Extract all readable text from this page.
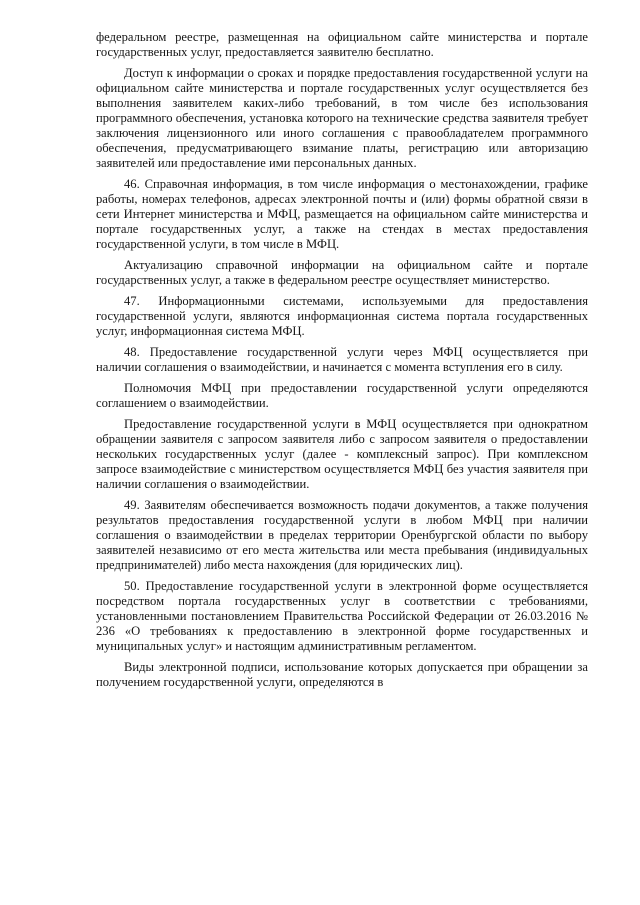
федеральном реестре, размещенная на официальном сайте министерства и портале государственных услуг, предоставляется заявителю бесплатно.

Доступ к информации о сроках и порядке предоставления государственной услуги на официальном сайте министерства и портале государственных услуг осуществляется без выполнения заявителем каких-либо требований, в том числе без использования программного обеспечения, установка которого на технические средства заявителя требует заключения лицензионного или иного соглашения с правообладателем программного обеспечения, предусматривающего взимание платы, регистрацию или авторизацию заявителей или предоставление ими персональных данных.

46. Справочная информация, в том числе информация о местонахождении, графике работы, номерах телефонов, адресах электронной почты и (или) формы обратной связи в сети Интернет министерства и МФЦ, размещается на официальном сайте министерства и портале государственных услуг, а также на стендах в местах предоставления государственной услуги, в том числе в МФЦ.

Актуализацию справочной информации на официальном сайте и портале государственных услуг, а также в федеральном реестре осуществляет министерство.

47. Информационными системами, используемыми для предоставления государственной услуги, являются информационная система портала государственных услуг, информационная система МФЦ.

48. Предоставление государственной услуги через МФЦ осуществляется при наличии соглашения о взаимодействии, и начинается с момента вступления его в силу.

Полномочия МФЦ при предоставлении государственной услуги определяются соглашением о взаимодействии.

Предоставление государственной услуги в МФЦ осуществляется при однократном обращении заявителя с запросом заявителя либо с запросом заявителя о предоставлении нескольких государственных услуг (далее - комплексный запрос). При комплексном запросе взаимодействие с министерством осуществляется МФЦ без участия заявителя при наличии соглашения о взаимодействии.

49. Заявителям обеспечивается возможность подачи документов, а также получения результатов предоставления государственной услуги в любом МФЦ при наличии соглашения о взаимодействии в пределах территории Оренбургской области по выбору заявителей независимо от его места жительства или места пребывания (индивидуальных предпринимателей) либо места нахождения (для юридических лиц).

50. Предоставление государственной услуги в электронной форме осуществляется посредством портала государственных услуг в соответствии с требованиями, установленными постановлением Правительства Российской Федерации от 26.03.2016 № 236 «О требованиях к предоставлению в электронной форме государственных и муниципальных услуг» и настоящим административным регламентом.

Виды электронной подписи, использование которых допускается при обращении за получением государственной услуги, определяются в
